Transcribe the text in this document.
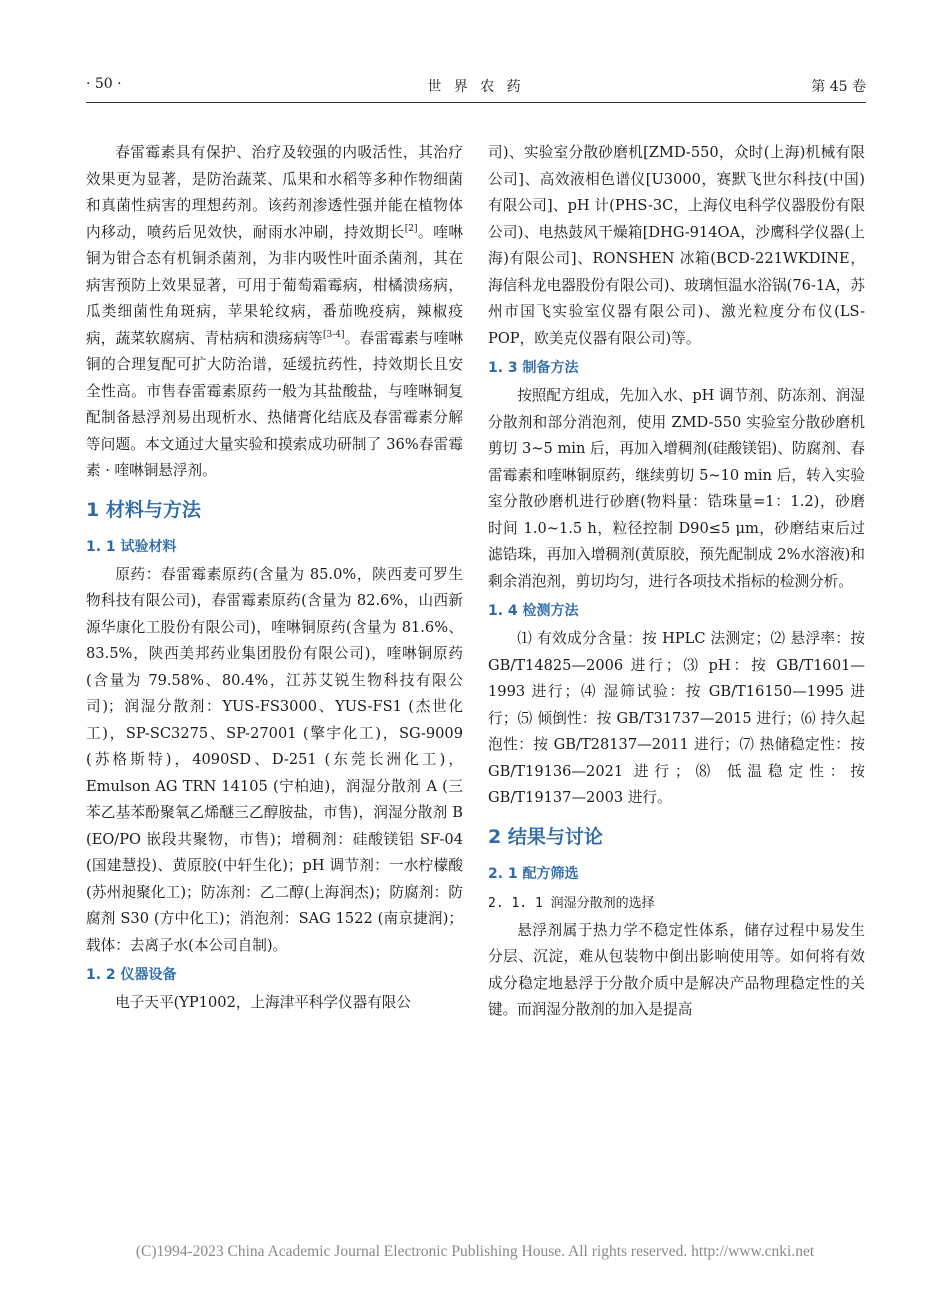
· 50 ·	世 界 农 药	第 45 卷

春雷霉素具有保护、治疗及较强的内吸活性，其治疗效果更为显著，是防治蔬菜、瓜果和水稻等多种作物细菌和真菌性病害的理想药剂。该药剂渗透性强并能在植物体内移动，喷药后见效快，耐雨水冲刷，持效期长[2]。喹啉铜为钳合态有机铜杀菌剂，为非内吸性叶面杀菌剂，其在病害预防上效果显著，可用于葡萄霜霉病，柑橘溃疡病，瓜类细菌性角斑病，苹果轮纹病，番茄晚疫病，辣椒疫病，蔬菜软腐病、青枯病和溃疡病等[3-4]。春雷霉素与喹啉铜的合理复配可扩大防治谱，延缓抗药性，持效期长且安全性高。市售春雷霉素原药一般为其盐酸盐，与喹啉铜复配制备悬浮剂易出现析水、热储膏化结底及春雷霉素分解等问题。本文通过大量实验和摸索成功研制了 36%春雷霉素 · 喹啉铜悬浮剂。

1 材料与方法
1. 1 试验材料

原药：春雷霉素原药(含量为 85.0%，陕西麦可罗生物科技有限公司)，春雷霉素原药(含量为 82.6%，山西新源华康化工股份有限公司)，喹啉铜原药(含量为 81.6%、83.5%，陕西美邦药业集团股份有限公司)，喹啉铜原药(含量为 79.58%、80.4%，江苏艾锐生物科技有限公司)；润湿分散剂：YUS-FS3000、YUS-FS1 (杰世化工)，SP-SC3275、SP-27001 (擎宇化工)，SG-9009 (苏格斯特)，4090SD、D-251 (东莞长洲化工)，Emulson AG TRN 14105 (宁柏迪)，润湿分散剂 A (三苯乙基苯酚聚氧乙烯醚三乙醇胺盐，市售)，润湿分散剂 B (EO/PO 嵌段共聚物，市售)；增稠剂：硅酸镁铝 SF-04 (国建慧投)、黄原胶(中轩生化)；pH 调节剂：一水柠檬酸(苏州昶聚化工)；防冻剂：乙二醇(上海润杰)；防腐剂：防腐剂 S30 (方中化工)；消泡剂：SAG 1522 (南京捷润)；载体：去离子水(本公司自制)。

1. 2 仪器设备

电子天平(YP1002，上海津平科学仪器有限公

司)、实验室分散砂磨机[ZMD-550，众时(上海)机械有限公司]、高效液相色谱仪[U3000，赛默飞世尔科技(中国)有限公司]、pH 计(PHS-3C，上海仪电科学仪器股份有限公司)、电热鼓风干燥箱[DHG-914OA，沙鹰科学仪器(上海)有限公司]、RONSHEN 冰箱(BCD-221WKDINE，海信科龙电器股份有限公司)、玻璃恒温水浴锅(76-1A，苏州市国飞实验室仪器有限公司)、激光粒度分布仪(LS-POP，欧美克仪器有限公司)等。

1. 3 制备方法

按照配方组成，先加入水、pH 调节剂、防冻剂、润湿分散剂和部分消泡剂，使用 ZMD-550 实验室分散砂磨机剪切 3~5 min 后，再加入增稠剂(硅酸镁铝)、防腐剂、春雷霉素和喹啉铜原药，继续剪切 5~10 min 后，转入实验室分散砂磨机进行砂磨(物料量：锆珠量=1：1.2)，砂磨时间 1.0~1.5 h，粒径控制 D90≤5 μm，砂磨结束后过滤锆珠，再加入增稠剂(黄原胶，预先配制成 2%水溶液)和剩余消泡剂，剪切均匀，进行各项技术指标的检测分析。

1. 4 检测方法

⑴ 有效成分含量：按 HPLC 法测定；⑵ 悬浮率：按 GB/T14825—2006 进行；⑶ pH：按 GB/T1601—1993 进行；⑷ 湿筛试验：按 GB/T16150—1995 进行；⑸ 倾倒性：按 GB/T31737—2015 进行；⑹ 持久起泡性：按 GB/T28137—2011 进行；⑺ 热储稳定性：按 GB/T19136—2021 进行；⑻ 低温稳定性：按 GB/T19137—2003 进行。

2 结果与讨论
2. 1 配方筛选
2. 1. 1 润湿分散剂的选择

悬浮剂属于热力学不稳定性体系，储存过程中易发生分层、沉淀，难从包装物中倒出影响使用等。如何将有效成分稳定地悬浮于分散介质中是解决产品物理稳定性的关键。而润湿分散剂的加入是提高

(C)1994-2023 China Academic Journal Electronic Publishing House. All rights reserved. http://www.cnki.net
